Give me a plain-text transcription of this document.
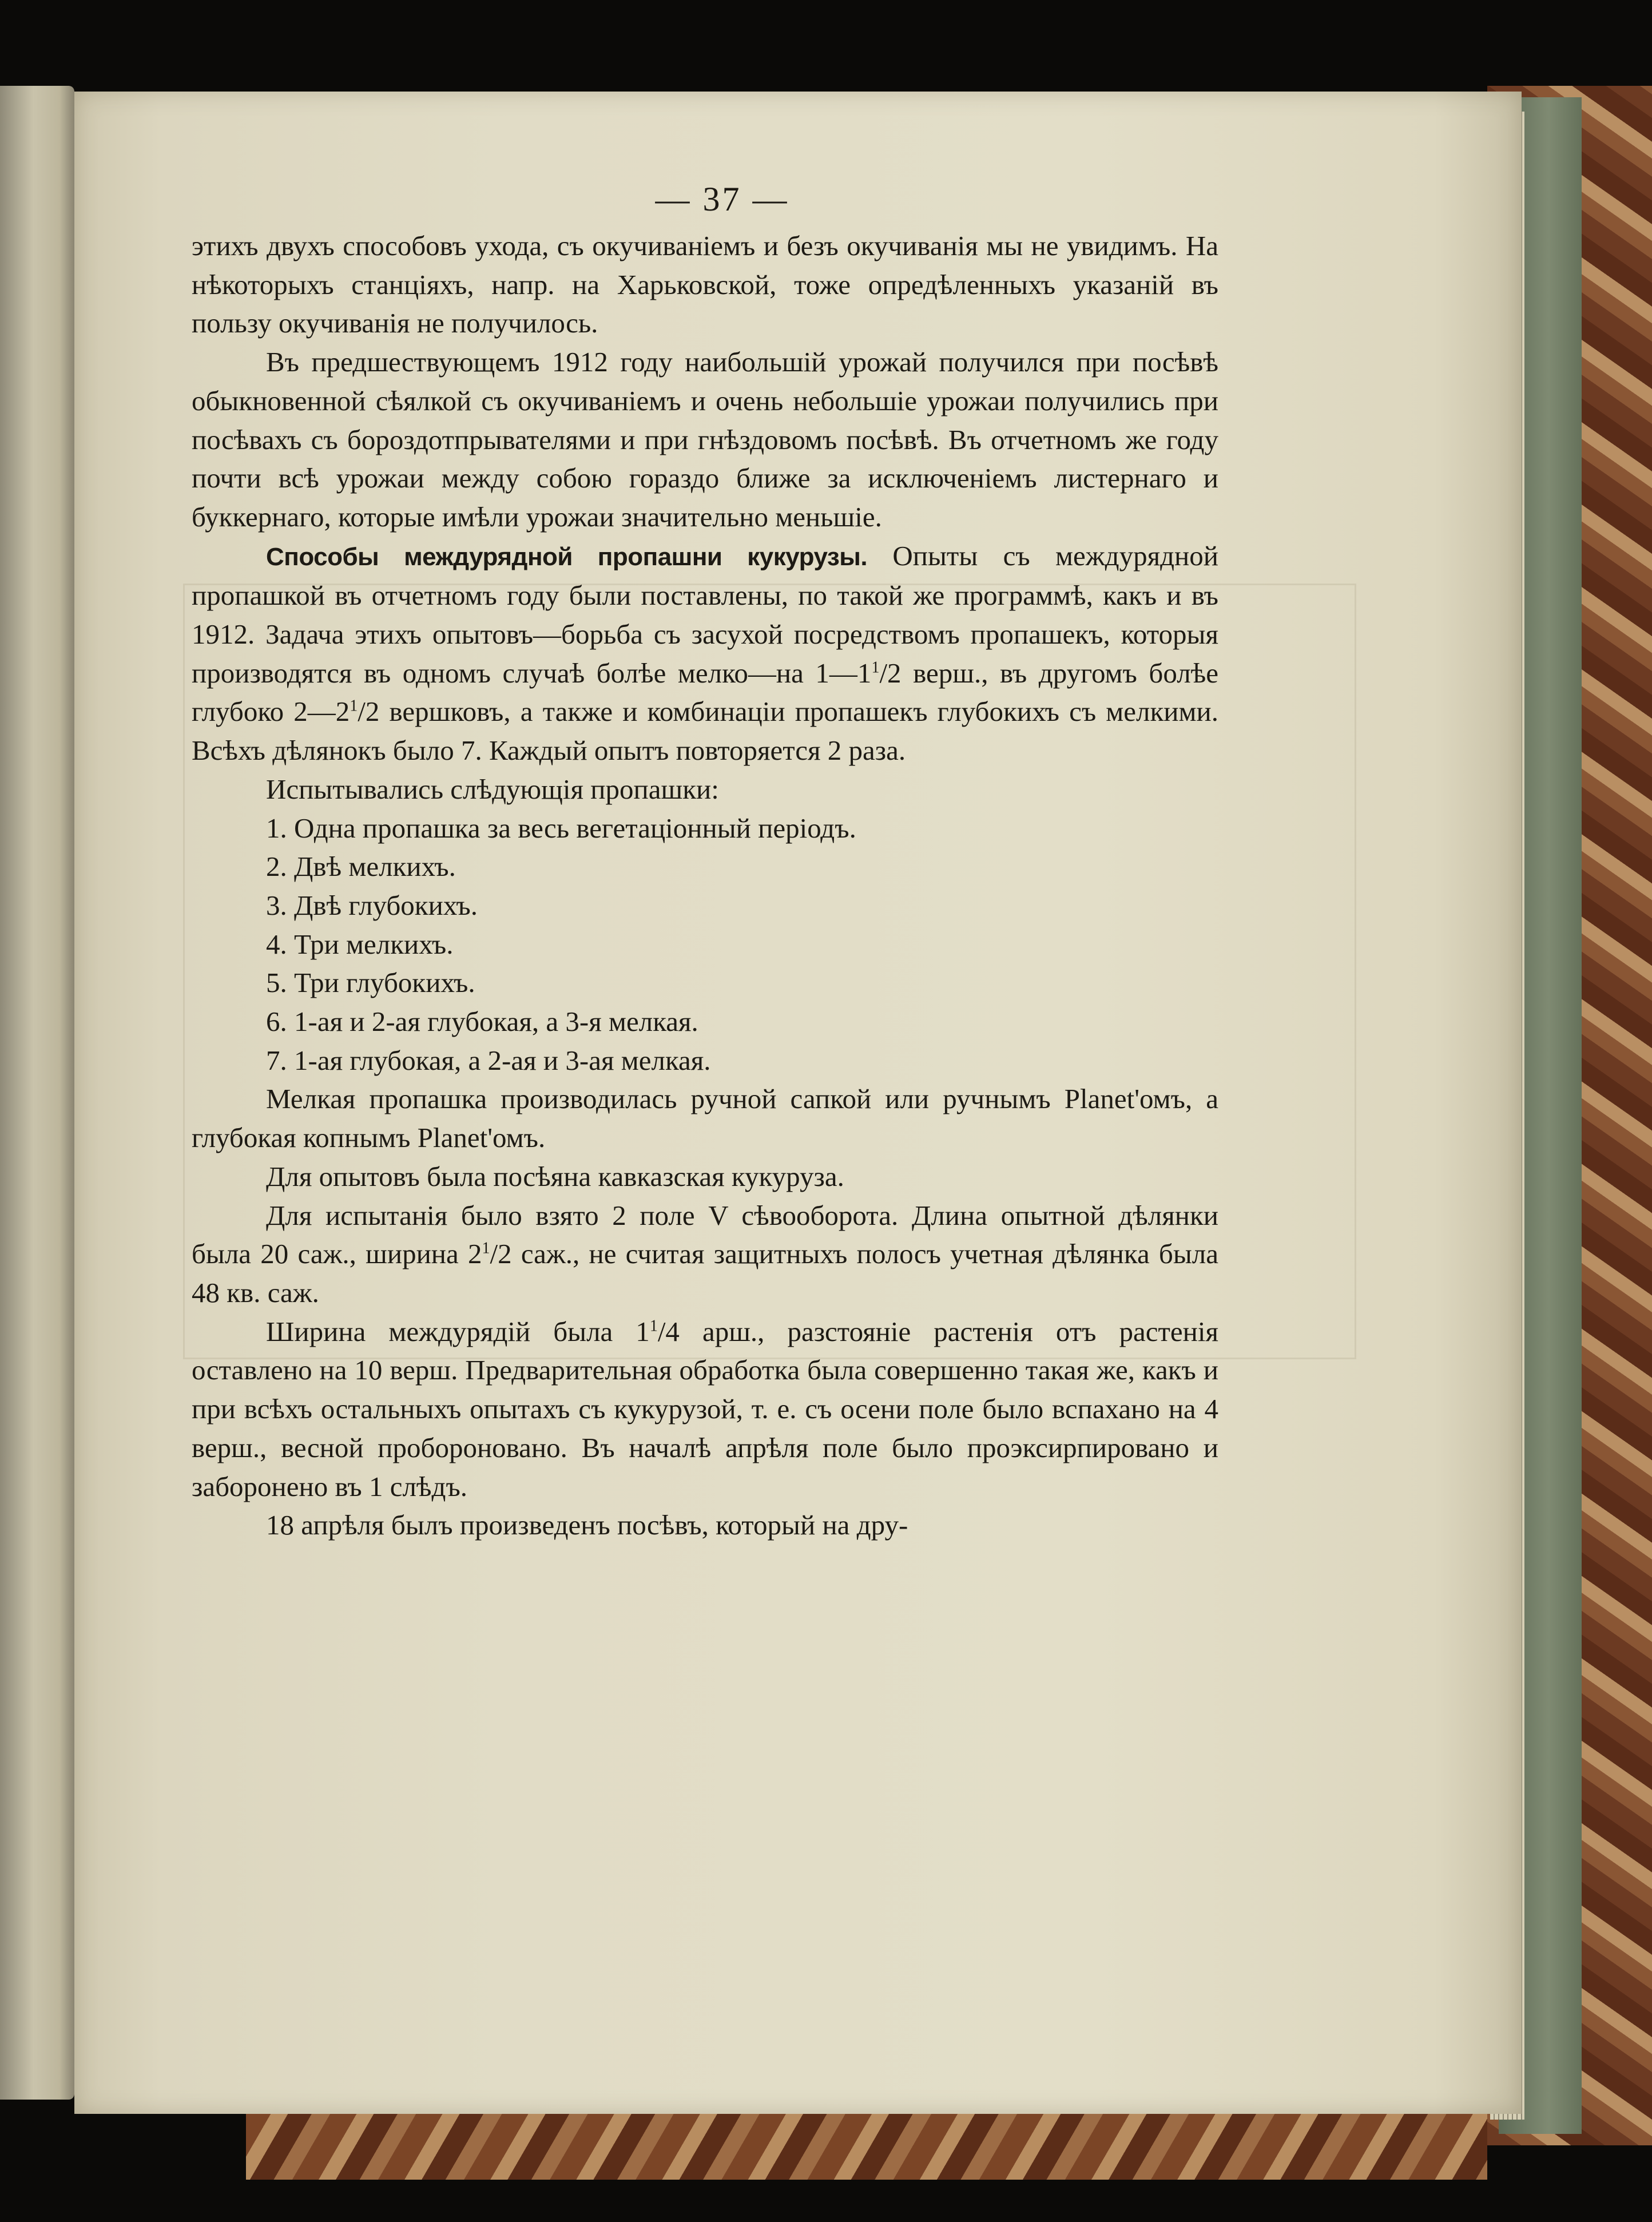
— 37 —

этихъ двухъ способовъ ухода, съ окучиваніемъ и безъ окучиванія мы не увидимъ. На нѣкоторыхъ станціяхъ, напр. на Харьковской, тоже опредѣленныхъ указаній въ пользу окучиванія не получилось.

Въ предшествующемъ 1912 году наибольшій урожай получился при посѣвѣ обыкновенной сѣялкой съ окучиваніемъ и очень небольшіе урожаи получились при посѣвахъ съ бороздотпрывателями и при гнѣздовомъ посѣвѣ. Въ отчетномъ же году почти всѣ урожаи между собою гораздо ближе за исключеніемъ листернаго и буккернаго, которые имѣли урожаи значительно меньшіе.

Способы междурядной пропашни кукурузы. Опыты съ междурядной пропашкой въ отчетномъ году были поставлены, по такой же программѣ, какъ и въ 1912. Задача этихъ опытовъ—борьба съ засухой посредствомъ пропашекъ, которыя производятся въ одномъ случаѣ болѣе мелко—на $1—1^1/2$ верш., въ другомъ болѣе глубоко $2—2^1/2$ вершковъ, а также и комбинаціи пропашекъ глубокихъ съ мелкими. Всѣхъ дѣлянокъ было 7. Каждый опытъ повторяется 2 раза.

Испытывались слѣдующія пропашки:

1. Одна пропашка за весь вегетаціонный періодъ.

2. Двѣ мелкихъ.

3. Двѣ глубокихъ.

4. Три мелкихъ.

5. Три глубокихъ.

6. 1-ая и 2-ая глубокая, а 3-я мелкая.

7. 1-ая глубокая, а 2-ая и 3-ая мелкая.

Мелкая пропашка производилась ручной сапкой или ручнымъ Planet'омъ, а глубокая копнымъ Planet'омъ.

Для опытовъ была посѣяна кавказская кукуруза.

Для испытанія было взято 2 поле V сѣвооборота. Длина опытной дѣлянки была 20 саж., ширина $2^1/2$ саж., не считая защитныхъ полосъ учетная дѣлянка была 48 кв. саж.

Ширина междурядій была $1^1/4$ арш., разстояніе растенія отъ растенія оставлено на 10 верш. Предварительная обработка была совершенно такая же, какъ и при всѣхъ остальныхъ опытахъ съ кукурузой, т. е. съ осени поле было вспахано на 4 верш., весной пробороновано. Въ началѣ апрѣля поле было проэксирпировано и заборонено въ 1 слѣдъ.

18 апрѣля былъ произведенъ посѣвъ, который на дру-
